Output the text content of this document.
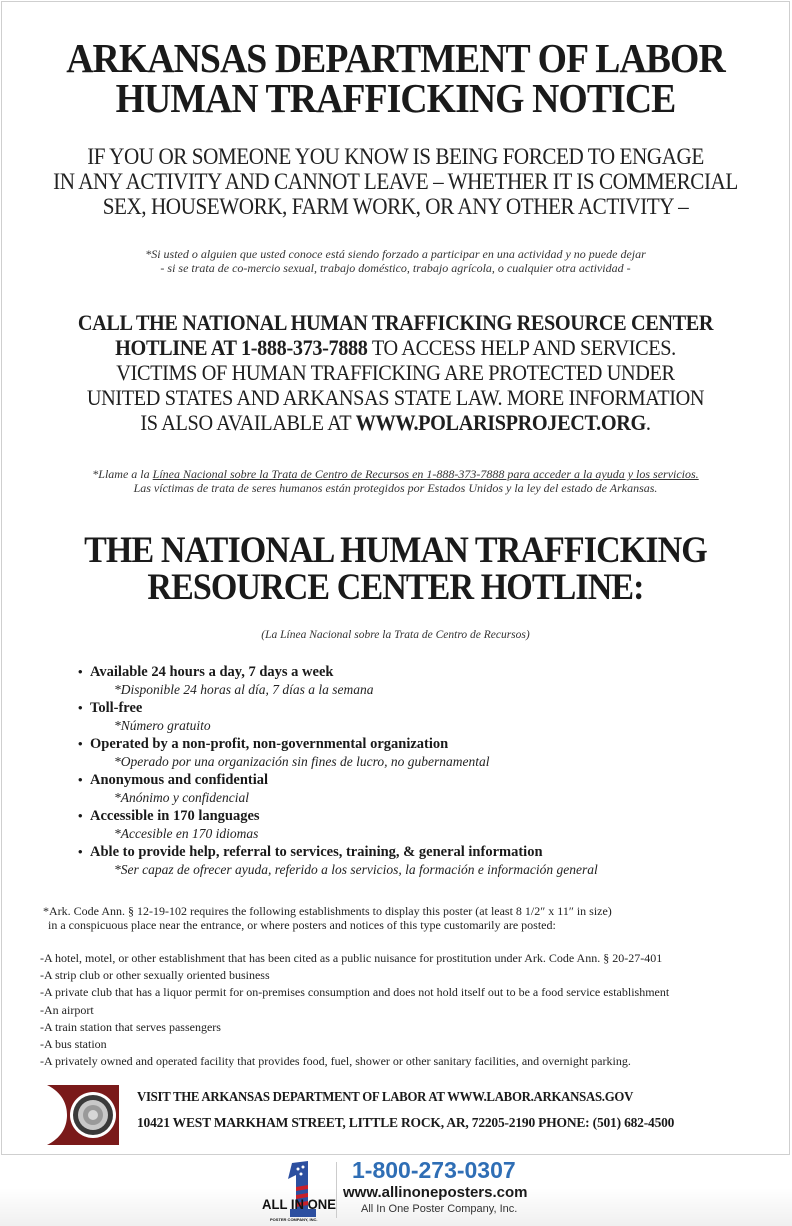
ARKANSAS DEPARTMENT OF LABOR
HUMAN TRAFFICKING NOTICE
IF YOU OR SOMEONE YOU KNOW IS BEING FORCED TO ENGAGE
IN ANY ACTIVITY AND CANNOT LEAVE – WHETHER IT IS COMMERCIAL
SEX, HOUSEWORK, FARM WORK, OR ANY OTHER ACTIVITY –
*Si usted o alguien que usted conoce está siendo forzado a participar en una actividad y no puede dejar
- si se trata de co-mercio sexual, trabajo doméstico, trabajo agrícola, o cualquier otra actividad -
CALL THE NATIONAL HUMAN TRAFFICKING RESOURCE CENTER
HOTLINE AT 1-888-373-7888 TO ACCESS HELP AND SERVICES.
VICTIMS OF HUMAN TRAFFICKING ARE PROTECTED UNDER
UNITED STATES AND ARKANSAS STATE LAW. MORE INFORMATION
IS ALSO AVAILABLE AT WWW.POLARISPROJECT.ORG.
*Llame a la Línea Nacional sobre la Trata de Centro de Recursos en 1-888-373-7888 para acceder a la ayuda y los servicios.
Las víctimas de trata de seres humanos están protegidos por Estados Unidos y la ley del estado de Arkansas.
THE NATIONAL HUMAN TRAFFICKING
RESOURCE CENTER HOTLINE:
(La Línea Nacional sobre la Trata de Centro de Recursos)
• Available 24 hours a day, 7 days a week
*Disponible 24 horas al día, 7 días a la semana
• Toll-free
*Número gratuito
• Operated by a non-profit, non-governmental organization
*Operado por una organización sin fines de lucro, no gubernamental
• Anonymous and confidential
*Anónimo y confidencial
• Accessible in 170 languages
*Accesible en 170 idiomas
• Able to provide help, referral to services, training, & general information
*Ser capaz de ofrecer ayuda, referido a los servicios, la formación e información general

*Ark. Code Ann. § 12-19-102 requires the following establishments to display this poster (at least 8 1/2″ x 11″ in size)

in a conspicuous place near the entrance, or where posters and notices of this type customarily are posted:

-A hotel, motel, or other establishment that has been cited as a public nuisance for prostitution under Ark. Code Ann. § 20-27-401
-A strip club or other sexually oriented business
-A private club that has a liquor permit for on-premises consumption and does not hold itself out to be a food service establishment
-An airport
-A train station that serves passengers
-A bus station
-A privately owned and operated facility that provides food, fuel, shower or other sanitary facilities, and overnight parking.
VISIT THE ARKANSAS DEPARTMENT OF LABOR AT WWW.LABOR.ARKANSAS.GOV
10421 WEST MARKHAM STREET, LITTLE ROCK, AR, 72205-2190 PHONE: (501) 682-4500
ALL IN ONE
POSTER COMPANY, INC.
1-800-273-0307
www.allinoneposters.com
All In One Poster Company, Inc.
